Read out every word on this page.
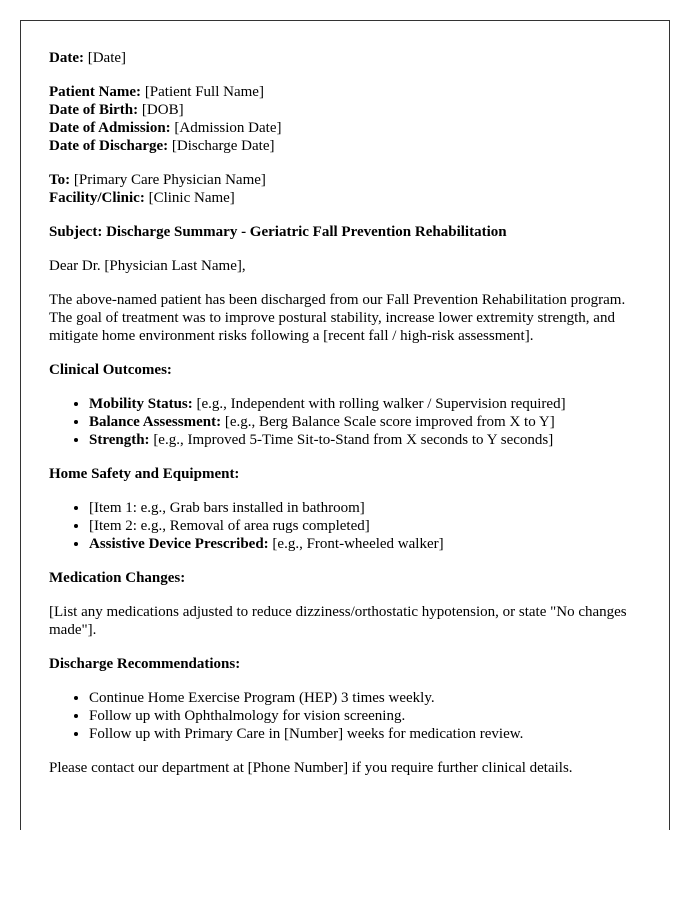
Date: [Date]

Patient Name: [Patient Full Name]
Date of Birth: [DOB]
Date of Admission: [Admission Date]
Date of Discharge: [Discharge Date]
To: [Primary Care Physician Name]
Facility/Clinic: [Clinic Name]

Subject: Discharge Summary - Geriatric Fall Prevention Rehabilitation

Dear Dr. [Physician Last Name],

The above-named patient has been discharged from our Fall Prevention Rehabilitation program. The goal of treatment was to improve postural stability, increase lower extremity strength, and mitigate home environment risks following a [recent fall / high-risk assessment].

Clinical Outcomes:

• Mobility Status: [e.g., Independent with rolling walker / Supervision required]
• Balance Assessment: [e.g., Berg Balance Scale score improved from X to Y]
• Strength: [e.g., Improved 5-Time Sit-to-Stand from X seconds to Y seconds]

Home Safety and Equipment:

• [Item 1: e.g., Grab bars installed in bathroom]
• [Item 2: e.g., Removal of area rugs completed]
• Assistive Device Prescribed: [e.g., Front-wheeled walker]

Medication Changes:

[List any medications adjusted to reduce dizziness/orthostatic hypotension, or state "No changes made"].

Discharge Recommendations:

• Continue Home Exercise Program (HEP) 3 times weekly.
• Follow up with Ophthalmology for vision screening.
• Follow up with Primary Care in [Number] weeks for medication review.

Please contact our department at [Phone Number] if you require further clinical details.
